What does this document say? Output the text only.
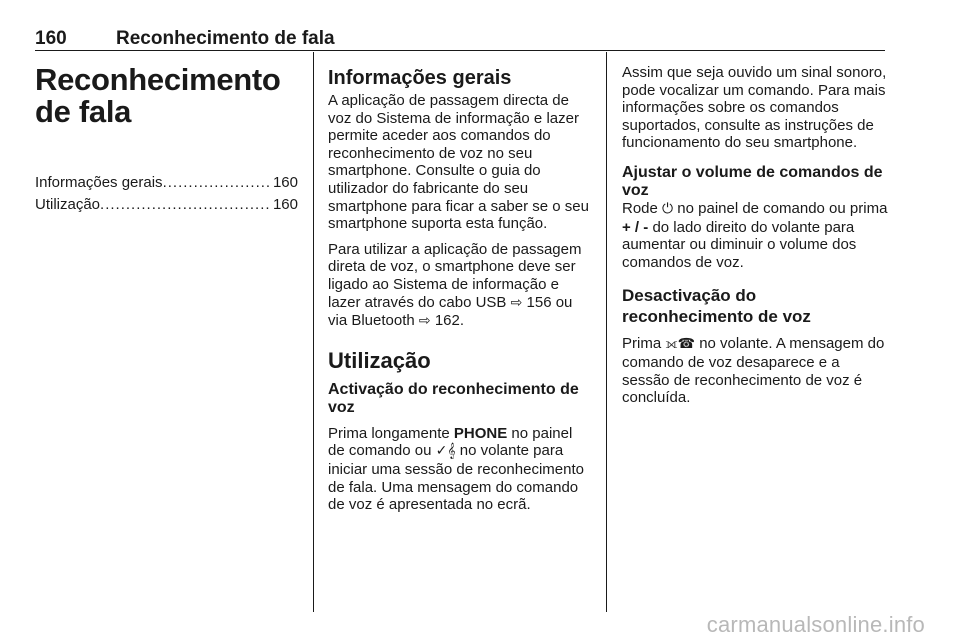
160	Reconhecimento de fala
Reconhecimento de fala
Informações gerais .....	160
Utilização .....	160
Informações gerais

A aplicação de passagem directa de voz do Sistema de informação e lazer permite aceder aos comandos do reconhecimento de voz no seu smartphone. Consulte o guia do utilizador do fabricante do seu smartphone para ficar a saber se o seu smartphone suporta esta função.

Para utilizar a aplicação de passagem direta de voz, o smartphone deve ser ligado ao Sistema de informação e lazer através do cabo USB ⇨ 156 ou via Bluetooth ⇨ 162.

Utilização
Activação do reconhecimento de voz

Prima longamente PHONE no painel de comando ou ✓𝄞 no volante para iniciar uma sessão de reconhecimento de fala. Uma mensagem do comando de voz é apresentada no ecrã.

Assim que seja ouvido um sinal sonoro, pode vocalizar um comando. Para mais informações sobre os comandos suportados, consulte as instruções de funcionamento do seu smartphone.

Ajustar o volume de comandos de voz

Rode ⏻ no painel de comando ou prima + / - do lado direito do volante para aumentar ou diminuir o volume dos comandos de voz.

Desactivação do reconhecimento de voz

Prima ⟗☎ no volante. A mensagem do comando de voz desaparece e a sessão de reconhecimento de voz é concluída.

carmanualsonline.info
